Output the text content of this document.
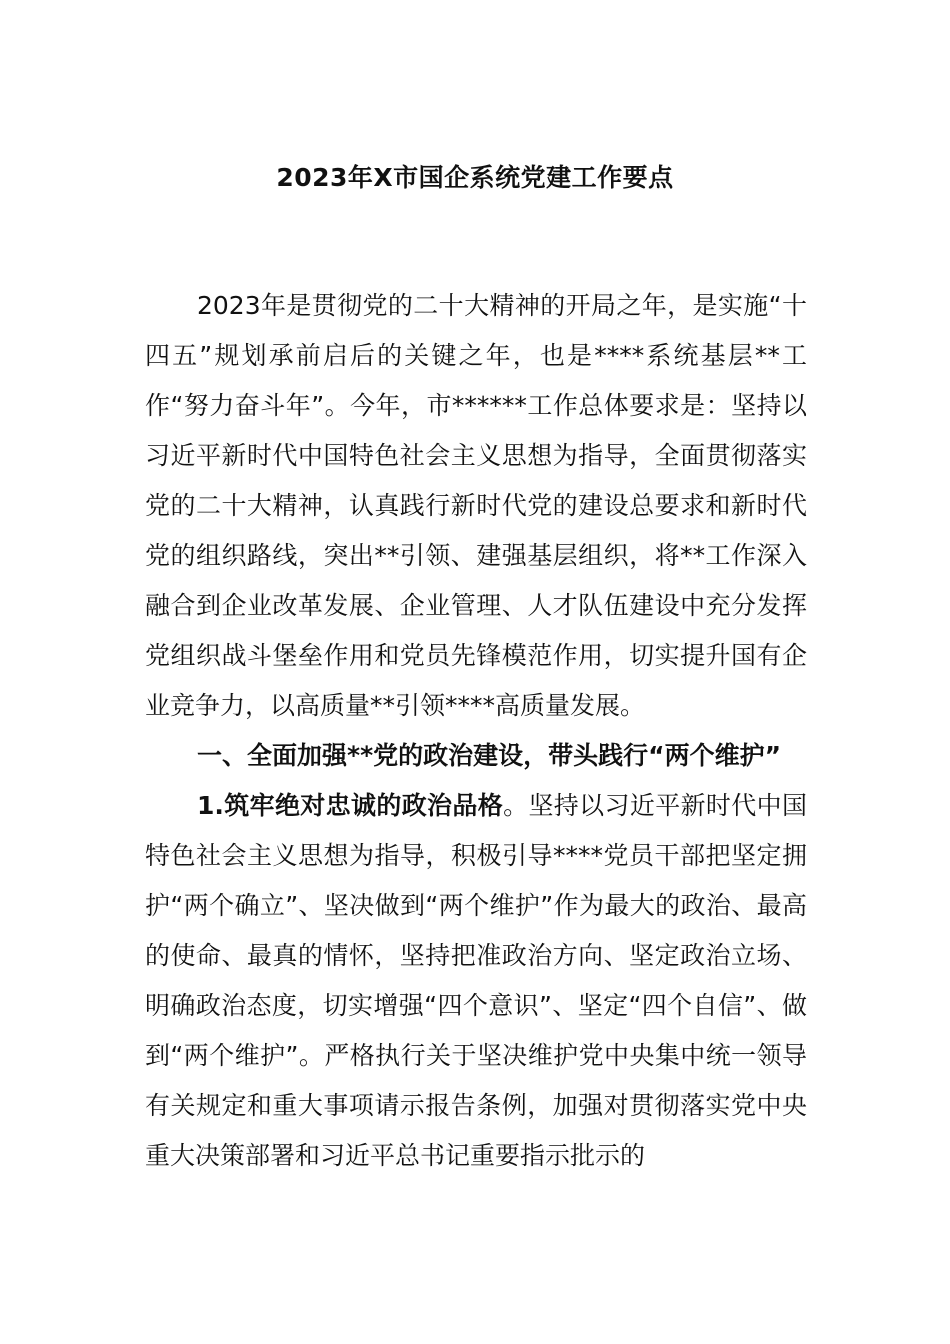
2023年X市国企系统党建工作要点

2023年是贯彻党的二十大精神的开局之年，是实施“十四五”规划承前启后的关键之年，也是****系统基层**工作“努力奋斗年”。今年，市******工作总体要求是：坚持以习近平新时代中国特色社会主义思想为指导，全面贯彻落实党的二十大精神，认真践行新时代党的建设总要求和新时代党的组织路线，突出**引领、建强基层组织，将**工作深入融合到企业改革发展、企业管理、人才队伍建设中充分发挥党组织战斗堡垒作用和党员先锋模范作用，切实提升国有企业竞争力，以高质量**引领****高质量发展。

一、全面加强**党的政治建设，带头践行“两个维护”

1.筑牢绝对忠诚的政治品格。坚持以习近平新时代中国特色社会主义思想为指导，积极引导****党员干部把坚定拥护“两个确立”、坚决做到“两个维护”作为最大的政治、最高的使命、最真的情怀，坚持把准政治方向、坚定政治立场、明确政治态度，切实增强“四个意识”、坚定“四个自信”、做到“两个维护”。严格执行关于坚决维护党中央集中统一领导有关规定和重大事项请示报告条例，加强对贯彻落实党中央重大决策部署和习近平总书记重要指示批示的
